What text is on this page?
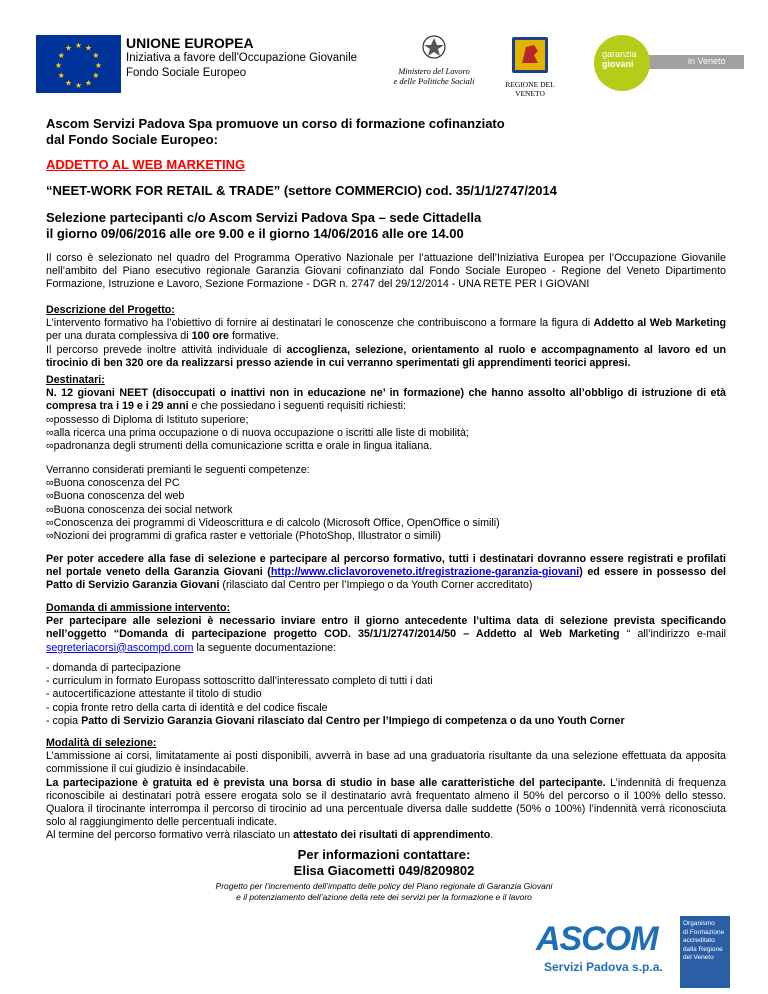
★ ★
★
★
★
★
★
★
★
★
★
★	UNIONE EUROPEA
Iniziativa a favore dell'Occupazione Giovanile
Fondo Sociale Europeo	Ministero del Lavoro
e delle Politiche Sociali	REGIONE DEL VENETO
garanzia
giovani	in Veneto
Ascom Servizi Padova Spa promuove un corso di formazione cofinanziato
dal Fondo Sociale Europeo:
ADDETTO AL WEB MARKETING
“NEET-WORK FOR RETAIL & TRADE” (settore COMMERCIO) cod. 35/1/1/2747/2014
Selezione partecipanti c/o Ascom Servizi Padova Spa – sede Cittadella
il giorno 09/06/2016 alle ore 9.00 e il giorno 14/06/2016 alle ore 14.00
Il corso è selezionato nel quadro del Programma Operativo Nazionale per l’attuazione dell’Iniziativa Europea per l’Occupazione Giovanile nell’ambito del Piano esecutivo regionale Garanzia Giovani cofinanziato dal Fondo Sociale Europeo - Regione del Veneto Dipartimento Formazione, Istruzione e Lavoro, Sezione Formazione - DGR n. 2747 del 29/12/2014 - UNA RETE PER I GIOVANI
Descrizione del Progetto:
L’intervento formativo ha l’obiettivo di fornire ai destinatari le conoscenze che contribuiscono a formare la figura di Addetto al Web Marketing per una durata complessiva di 100 ore formative.
Il percorso prevede inoltre attività individuale di accoglienza, selezione, orientamento al ruolo e accompagnamento al lavoro ed un tirocinio di ben 320 ore da realizzarsi presso aziende in cui verranno sperimentati gli apprendimenti teorici appresi.
Destinatari:
N. 12 giovani NEET (disoccupati o inattivi non in educazione ne’ in formazione) che hanno assolto all’obbligo di istruzione di età compresa tra i 19 e i 29 anni e che possiedano i seguenti requisiti richiesti:
∞possesso di Diploma di Istituto superiore;
∞alla ricerca una prima occupazione o di nuova occupazione o iscritti alle liste di mobilità;
∞padronanza degli strumenti della comunicazione scritta e orale in lingua italiana.
Verranno considerati premianti le seguenti competenze:
∞Buona conoscenza del PC
∞Buona conoscenza del web
∞Buona conoscenza dei social network
∞Conoscenza dei programmi di Videoscrittura e di calcolo (Microsoft Office, OpenOffice o simili)
∞Nozioni dei programmi di grafica raster e vettoriale (PhotoShop, Illustrator o simili)
Per poter accedere alla fase di selezione e partecipare al percorso formativo, tutti i destinatari dovranno essere registrati e profilati nel portale veneto della Garanzia Giovani (http://www.cliclavoroveneto.it/registrazione-garanzia-giovani) ed essere in possesso del Patto di Servizio Garanzia Giovani (rilasciato dal Centro per l’Impiego o da Youth Corner accreditato)
Domanda di ammissione intervento:
Per partecipare alle selezioni è necessario inviare entro il giorno antecedente l’ultima data di selezione prevista specificando nell’oggetto “Domanda di partecipazione progetto COD. 35/1/1/2747/2014/50 – Addetto al Web Marketing “ all’indirizzo e-mail segreteriacorsi@ascompd.com la seguente documentazione:
- domanda di partecipazione
- curriculum in formato Europass sottoscritto dall’interessato completo di tutti i dati
- autocertificazione attestante il titolo di studio
- copia fronte retro della carta di identità e del codice fiscale
- copia Patto di Servizio Garanzia Giovani rilasciato dal Centro per l’Impiego di competenza o da uno Youth Corner
Modalità di selezione:
L’ammissione ai corsi, limitatamente ai posti disponibili, avverrà in base ad una graduatoria risultante da una selezione effettuata da apposita commissione il cui giudizio è insindacabile.
La partecipazione è gratuita ed è prevista una borsa di studio in base alle caratteristiche del partecipante. L’indennità di frequenza riconoscibile ai destinatari potrà essere erogata solo se il destinatario avrà frequentato almeno il 50% del percorso o il 100% dello stesso. Qualora il tirocinante interrompa il percorso di tirocinio ad una percentuale diversa dalle suddette (50% o 100%) l’indennità verrà riconosciuta solo al raggiungimento delle percentuali indicate.
Al termine del percorso formativo verrà rilasciato un attestato dei risultati di apprendimento.
Per informazioni contattare:
Elisa Giacometti 049/8209802
Progetto per l’incremento dell’impatto delle policy del Piano regionale di Garanzia Giovani
e il potenziamento dell’azione della rete dei servizi per la formazione e il lavoro
ASCOM
Servizi Padova s.p.a.
Organismo
di Formazione
accreditato
dalla Regione
del Veneto
